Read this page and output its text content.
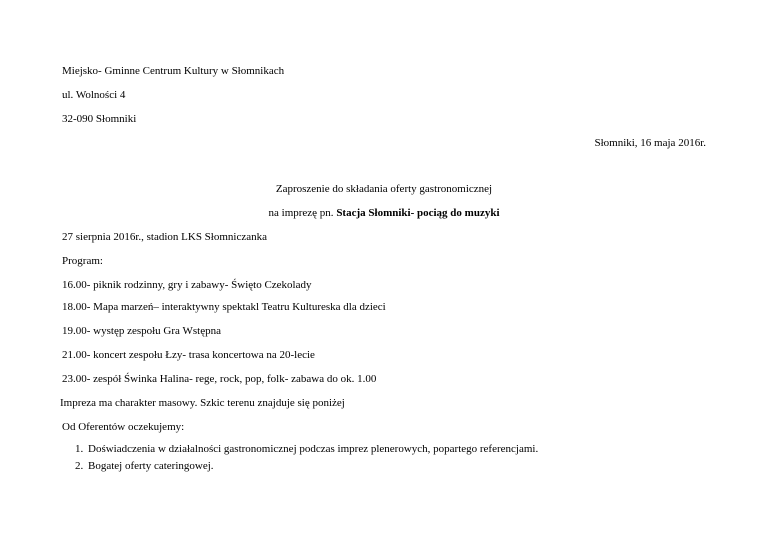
Miejsko- Gminne Centrum Kultury w Słomnikach
ul. Wolności 4
32-090 Słomniki
Słomniki, 16 maja 2016r.
Zaproszenie do składania oferty gastronomicznej
na imprezę pn. Stacja Słomniki- pociąg do muzyki
27 sierpnia 2016r., stadion LKS Słomniczanka
Program:
16.00- piknik rodzinny, gry i zabawy- Święto Czekolady
18.00- Mapa marzeń– interaktywny spektakl Teatru Kultureska dla dzieci
19.00- występ zespołu Gra Wstępna
21.00- koncert zespołu Łzy- trasa koncertowa na 20-lecie
23.00- zespół Świnka Halina- rege, rock, pop, folk- zabawa do ok. 1.00
Impreza ma charakter masowy. Szkic terenu znajduje się poniżej
Od Oferentów oczekujemy:
1. Doświadczenia w działalności gastronomicznej podczas imprez plenerowych, popartego referencjami.
2. Bogatej oferty cateringowej.
